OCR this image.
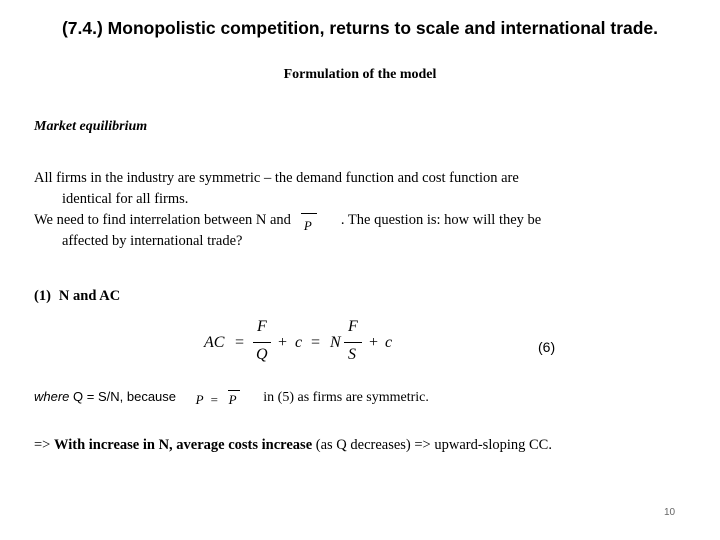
(7.4.) Monopolistic competition, returns to scale and international trade.
Formulation of the model
Market equilibrium
All firms in the industry are symmetric – the demand function and cost function are
identical for all firms.
We need to find interrelation between N and P . The question is: how will they be
affected by international trade?
(1) N and AC
AC =
F
Q
+ c = N
F
S
+ c	(6)
where Q = S/N, because P = P in (5) as firms are symmetric.
=> With increase in N, average costs increase (as Q decreases) => upward-sloping CC.
10
